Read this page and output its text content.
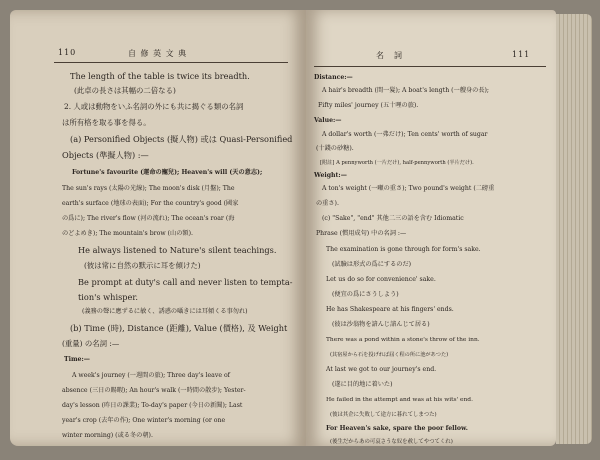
110	自 修 英 文 典
The length of the table is twice its breadth.
(此卓の長さは其幅の二倍なる)
2. 人或は動物をいふ名詞の外にも共に揭ぐる類の名詞
は所有格を取る事を得る。
(a) Personified Objects (擬人物) 或は Quasi-Personified
Objects (準擬人物) :—
Fortune's favourite (運命の寵兒); Heaven's will (天の意志);
The sun's rays (太陽の光線); The moon's disk (月盤); The
earth's surface (地球の表面); For the country's good (國家
の爲に); The river's flow (河の流れ); The ocean's roar (海
のどよめき); The mountain's brow (山の額).
He always listened to Nature's silent teachings.
(彼は常に自然の默示に耳を傾けた)
Be prompt at duty's call and never listen to tempta-
tion's whisper.
(義務の聲に應ずるに敏く、誘惑の囁きには耳傾くる事勿れ)
(b) Time (時), Distance (距離), Value (價格), 及 Weight
(重量) の名詞 :—
Time:—
A week's journey (一週間の旅); Three day's leave of
absence (三日の賜暇); An hour's walk (一時間の散步); Yester-
day's lesson (昨日の課業); To-day's paper (今日の新聞); Last
year's crop (去年の作); One winter's morning (or one
winter morning) (或る冬の朝).
名　詞	111
Distance:—
A hair's breadth (間一髮); A boat's length (一艘身の長);
Fifty miles' journey (五十哩の旅).
Value:—
A dollar's worth (一弗だけ); Ten cents' worth of sugar
(十錢の砂糖).
[附註] A pennyworth (一片だけ), half-pennyworth (半片だけ).
Weight:—
A ton's weight (一噸の重さ); Two pound's weight (二磅重
の重さ).
(c) "Sake", "end" 其他二三の語を含む Idiomatic
Phrase (慣用成句) 中の名詞 :—
The examination is gone through for form's sake.
(試驗は形式の爲にするのだ)
Let us do so for convenience' sake.
(便宜の爲にさうしよう)
He has Shakespeare at his fingers' ends.
(彼は沙翁物を諳んじ諳んじて居る)
There was a pond within a stone's throw of the inn.
(其宿屋から石を投げれば屆く程の所に池があつた)
At last we got to our journey's end.
(遂に目的地に着いた)
He failed in the attempt and was at his wits' end.
(彼は其企に失敗して途方に暮れてしまつた)
For Heaven's sake, spare the poor fellow.
(後生だからあの可哀さうな奴を赦してやつてくれ)
